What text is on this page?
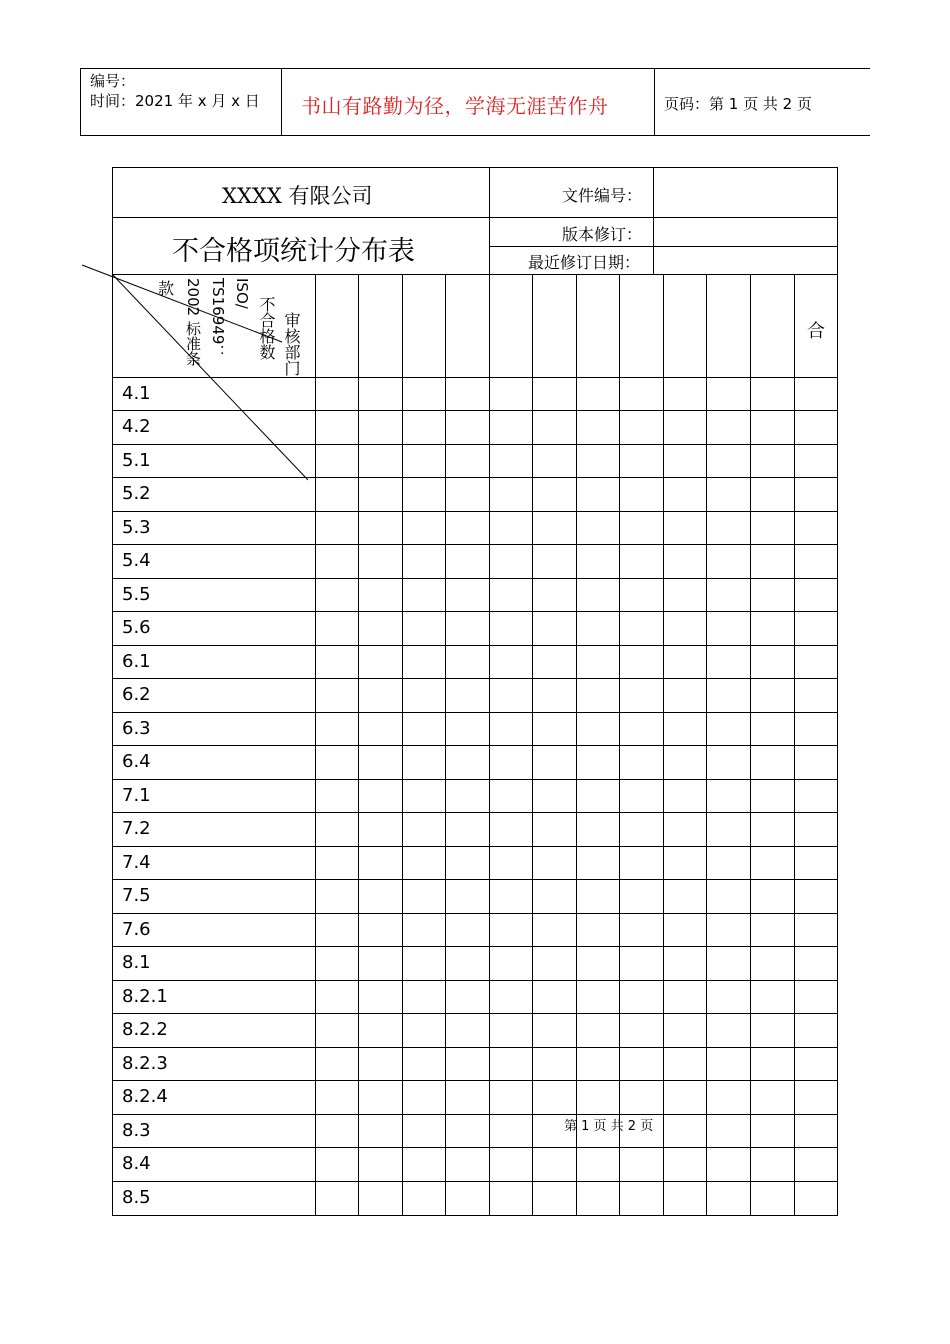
编号：
时间：2021 年 x 月 x 日 书山有路勤为径，学海无涯苦作舟	页码：第 1 页 共 2 页
XXXX 有限公司
不合格项统计分布表
文件编号：
版本修订：
最近修订日期：
审核部门
不合格数
ISO/
TS16949：
2002 标准条
款
合
4.1
4.2
5.1
5.2
5.3
5.4
5.5
5.6
6.1
6.2
6.3
6.4
7.1
7.2
7.4
7.5
7.6
8.1
8.2.1
8.2.2
8.2.3
8.2.4
8.3
8.4
8.5
第 1 页 共 2 页
